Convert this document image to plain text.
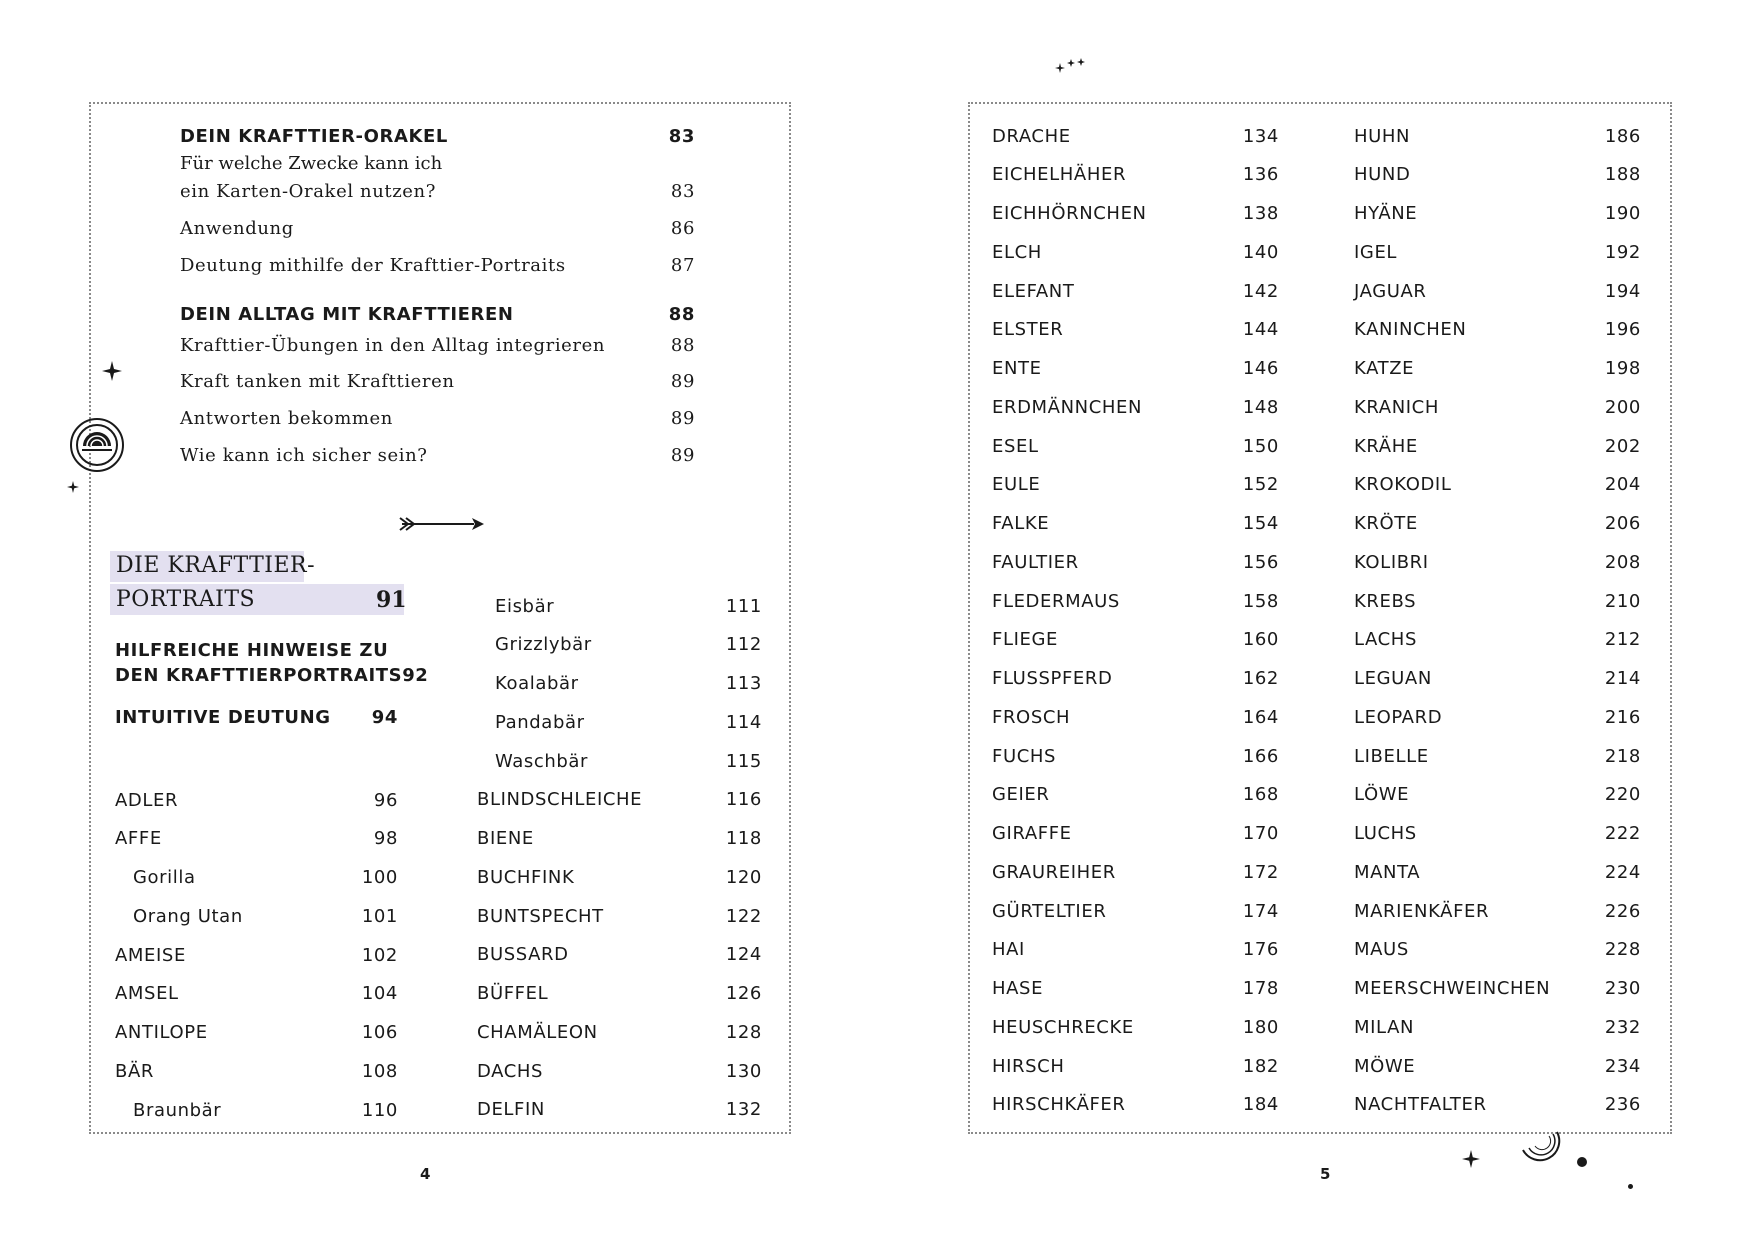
DEIN KRAFTTIER-ORAKEL	83
Für welche Zwecke kann ich
ein Karten-Orakel nutzen?	83
Anwendung	86
Deutung mithilfe der Krafttier-Portraits	87
DEIN ALLTAG MIT KRAFTTIEREN	88
Krafttier-Übungen in den Alltag integrieren	88
Kraft tanken mit Krafttieren	89
Antworten bekommen	89
Wie kann ich sicher sein?	89
DIE KRAFTTIER-
PORTRAITS	91
HILFREICHE HINWEISE ZU
DEN KRAFTTIERPORTRAITS 92
INTUITIVE DEUTUNG 94
ADLER	96
AFFE	98
Gorilla	100
Orang Utan	101
AMEISE	102
AMSEL	104
ANTILOPE	106
BÄR	108
Braunbär	110
Eisbär	111
Grizzlybär	112
Koalabär	113
Pandabär	114
Waschbär	115
BLINDSCHLEICHE	116
BIENE	118
BUCHFINK	120
BUNTSPECHT	122
BUSSARD	124
BÜFFEL	126
CHAMÄLEON	128
DACHS	130
DELFIN	132
DRACHE	134
EICHELHÄHER	136
EICHHÖRNCHEN	138
ELCH	140
ELEFANT	142
ELSTER	144
ENTE	146
ERDMÄNNCHEN	148
ESEL	150
EULE	152
FALKE	154
FAULTIER	156
FLEDERMAUS	158
FLIEGE	160
FLUSSPFERD	162
FROSCH	164
FUCHS	166
GEIER	168
GIRAFFE	170
GRAUREIHER	172
GÜRTELTIER	174
HAI	176
HASE	178
HEUSCHRECKE	180
HIRSCH	182
HIRSCHKÄFER	184
HUHN	186
HUND	188
HYÄNE	190
IGEL	192
JAGUAR	194
KANINCHEN	196
KATZE	198
KRANICH	200
KRÄHE	202
KROKODIL	204
KRÖTE	206
KOLIBRI	208
KREBS	210
LACHS	212
LEGUAN	214
LEOPARD	216
LIBELLE	218
LÖWE	220
LUCHS	222
MANTA	224
MARIENKÄFER	226
MAUS	228
MEERSCHWEINCHEN	230
MILAN	232
MÖWE	234
NACHTFALTER	236
4	5
